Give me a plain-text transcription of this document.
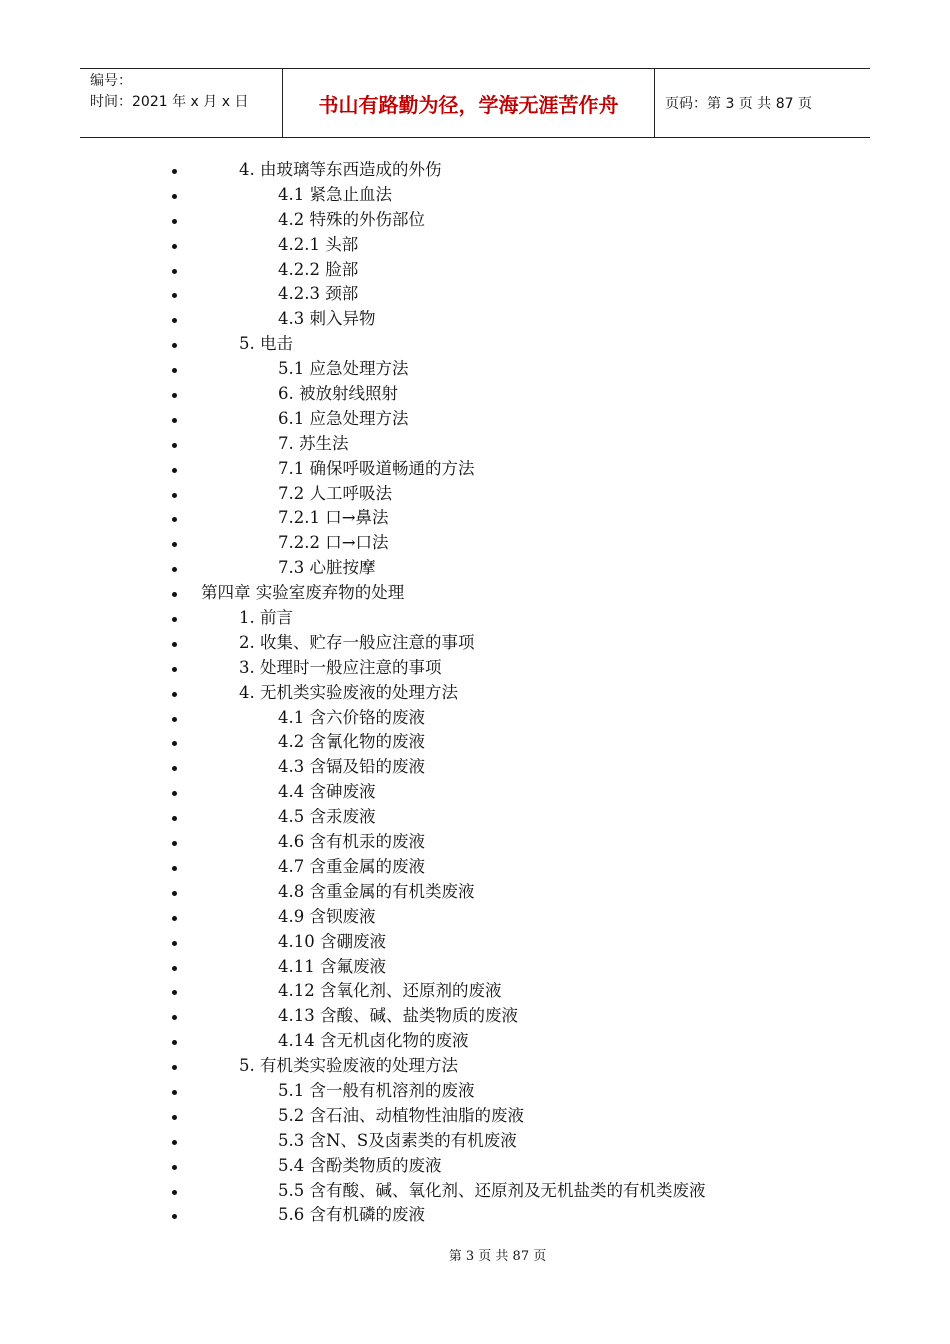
编号：
时间：2021 年 x 月 x 日	书山有路勤为径，学海无涯苦作舟	页码：第 3 页 共 87 页
4. 由玻璃等东西造成的外伤
4.1 紧急止血法
4.2 特殊的外伤部位
4.2.1 头部
4.2.2 脸部
4.2.3 颈部
4.3 刺入异物
5. 电击
5.1 应急处理方法
6. 被放射线照射
6.1 应急处理方法
7. 苏生法
7.1 确保呼吸道畅通的方法
7.2 人工呼吸法
7.2.1 口→鼻法
7.2.2 口→口法
7.3 心脏按摩
第四章 实验室废弃物的处理
1. 前言
2. 收集、贮存一般应注意的事项
3. 处理时一般应注意的事项
4. 无机类实验废液的处理方法
4.1 含六价铬的废液
4.2 含氰化物的废液
4.3 含镉及铅的废液
4.4 含砷废液
4.5 含汞废液
4.6 含有机汞的废液
4.7 含重金属的废液
4.8 含重金属的有机类废液
4.9 含钡废液
4.10 含硼废液
4.11 含氟废液
4.12 含氧化剂、还原剂的废液
4.13 含酸、碱、盐类物质的废液
4.14 含无机卤化物的废液
5. 有机类实验废液的处理方法
5.1 含一般有机溶剂的废液
5.2 含石油、动植物性油脂的废液
5.3 含N、S及卤素类的有机废液
5.4 含酚类物质的废液
5.5 含有酸、碱、氧化剂、还原剂及无机盐类的有机类废液
5.6 含有机磷的废液
第 3 页 共 87 页
